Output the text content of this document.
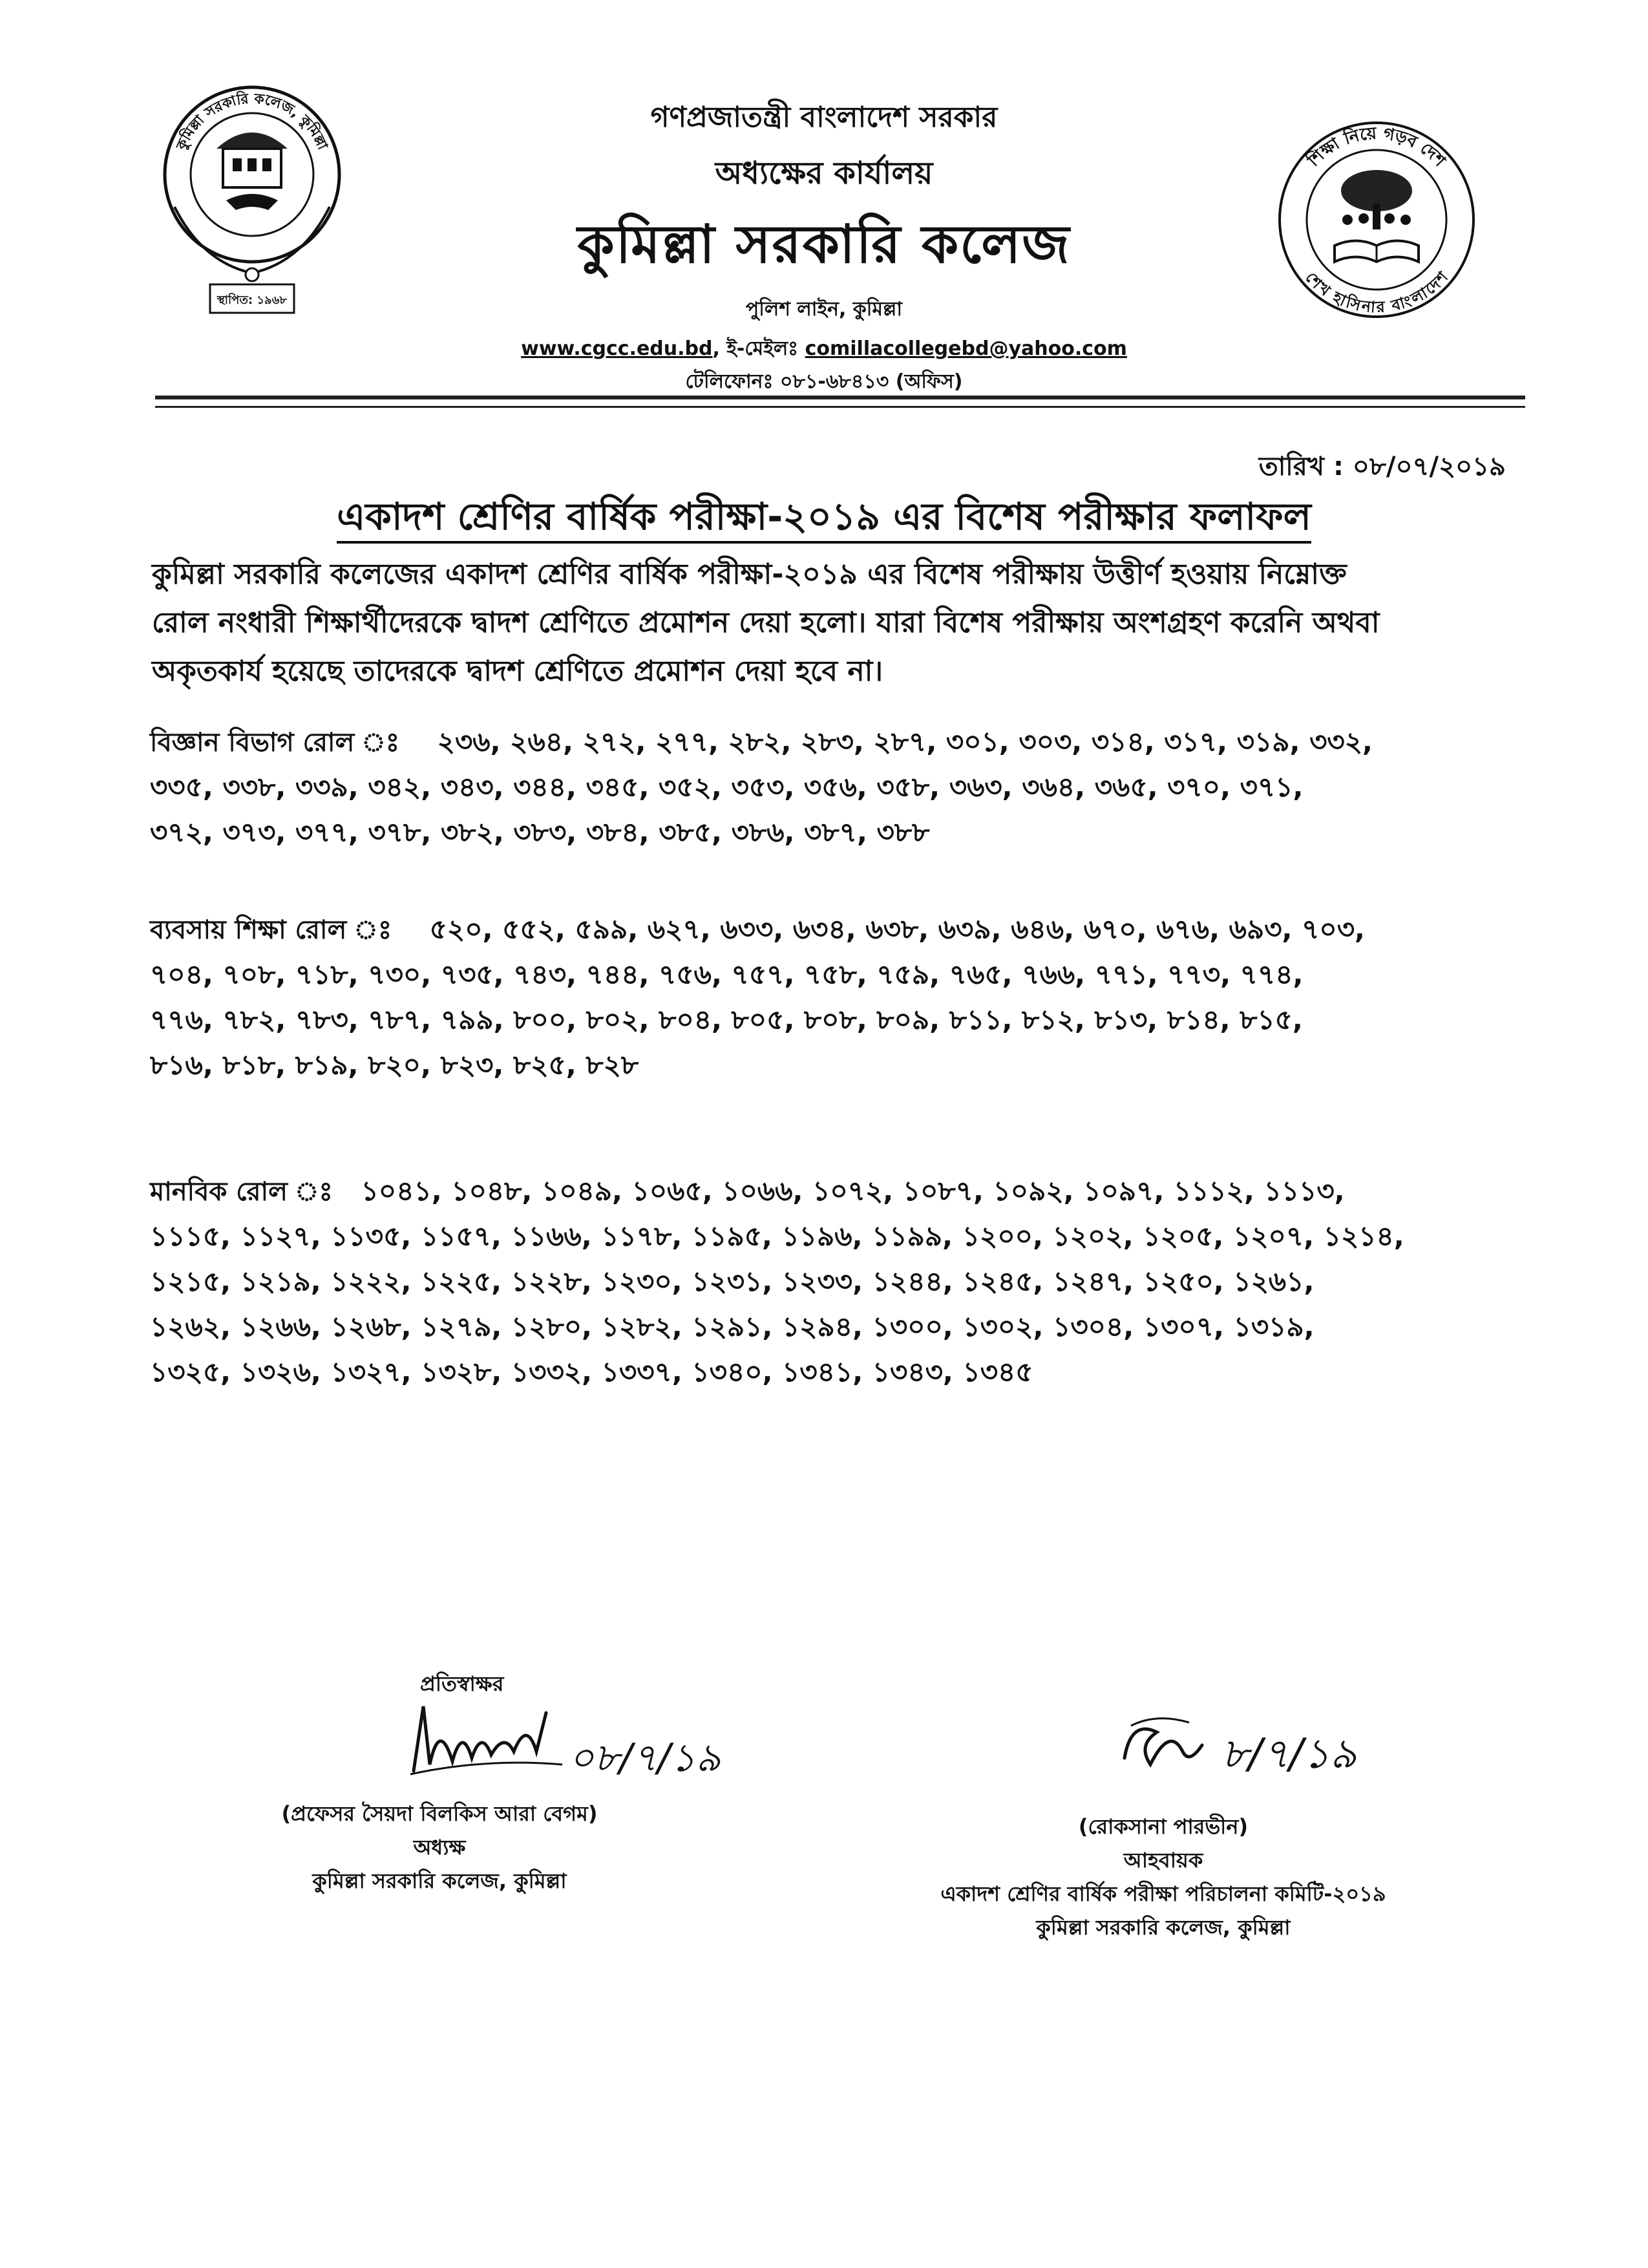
কুমিল্লা সরকারি কলেজ, কুমিল্লা
স্থাপিত: ১৯৬৮
শিক্ষা নিয়ে গড়ব দেশ
শেখ হাসিনার বাংলাদেশ
গণপ্রজাতন্ত্রী বাংলাদেশ সরকার
অধ্যক্ষের কার্যালয়
কুমিল্লা সরকারি কলেজ
পুলিশ লাইন, কুমিল্লা
www.cgcc.edu.bd, ই-মেইলঃ comillacollegebd@yahoo.com
টেলিফোনঃ ০৮১-৬৮৪১৩ (অফিস)
তারিখ : ০৮/০৭/২০১৯
একাদশ শ্রেণির বার্ষিক পরীক্ষা-২০১৯ এর বিশেষ পরীক্ষার ফলাফল
কুমিল্লা সরকারি কলেজের একাদশ শ্রেণির বার্ষিক পরীক্ষা-২০১৯ এর বিশেষ পরীক্ষায় উত্তীর্ণ হওয়ায় নিম্নোক্ত
রোল নংধারী শিক্ষার্থীদেরকে দ্বাদশ শ্রেণিতে প্রমোশন দেয়া হলো। যারা বিশেষ পরীক্ষায় অংশগ্রহণ করেনি অথবা
অকৃতকার্য হয়েছে তাদেরকে দ্বাদশ শ্রেণিতে প্রমোশন দেয়া হবে না।
বিজ্ঞান বিভাগ রোল ঃ ২৩৬, ২৬৪, ২৭২, ২৭৭, ২৮২, ২৮৩, ২৮৭, ৩০১, ৩০৩, ৩১৪, ৩১৭, ৩১৯, ৩৩২,
৩৩৫, ৩৩৮, ৩৩৯, ৩৪২, ৩৪৩, ৩৪৪, ৩৪৫, ৩৫২, ৩৫৩, ৩৫৬, ৩৫৮, ৩৬৩, ৩৬৪, ৩৬৫, ৩৭০, ৩৭১,
৩৭২, ৩৭৩, ৩৭৭, ৩৭৮, ৩৮২, ৩৮৩, ৩৮৪, ৩৮৫, ৩৮৬, ৩৮৭, ৩৮৮
ব্যবসায় শিক্ষা রোল ঃ ৫২০, ৫৫২, ৫৯৯, ৬২৭, ৬৩৩, ৬৩৪, ৬৩৮, ৬৩৯, ৬৪৬, ৬৭০, ৬৭৬, ৬৯৩, ৭০৩,
৭০৪, ৭০৮, ৭১৮, ৭৩০, ৭৩৫, ৭৪৩, ৭৪৪, ৭৫৬, ৭৫৭, ৭৫৮, ৭৫৯, ৭৬৫, ৭৬৬, ৭৭১, ৭৭৩, ৭৭৪,
৭৭৬, ৭৮২, ৭৮৩, ৭৮৭, ৭৯৯, ৮০০, ৮০২, ৮০৪, ৮০৫, ৮০৮, ৮০৯, ৮১১, ৮১২, ৮১৩, ৮১৪, ৮১৫,
৮১৬, ৮১৮, ৮১৯, ৮২০, ৮২৩, ৮২৫, ৮২৮
মানবিক রোল ঃ ১০৪১, ১০৪৮, ১০৪৯, ১০৬৫, ১০৬৬, ১০৭২, ১০৮৭, ১০৯২, ১০৯৭, ১১১২, ১১১৩,
১১১৫, ১১২৭, ১১৩৫, ১১৫৭, ১১৬৬, ১১৭৮, ১১৯৫, ১১৯৬, ১১৯৯, ১২০০, ১২০২, ১২০৫, ১২০৭, ১২১৪,
১২১৫, ১২১৯, ১২২২, ১২২৫, ১২২৮, ১২৩০, ১২৩১, ১২৩৩, ১২৪৪, ১২৪৫, ১২৪৭, ১২৫০, ১২৬১,
১২৬২, ১২৬৬, ১২৬৮, ১২৭৯, ১২৮০, ১২৮২, ১২৯১, ১২৯৪, ১৩০০, ১৩০২, ১৩০৪, ১৩০৭, ১৩১৯,
১৩২৫, ১৩২৬, ১৩২৭, ১৩২৮, ১৩৩২, ১৩৩৭, ১৩৪০, ১৩৪১, ১৩৪৩, ১৩৪৫
প্রতিস্বাক্ষর
০৮/৭/১৯	৮/৭/১৯

(প্রফেসর সৈয়দা বিলকিস আরা বেগম)

অধ্যক্ষ

কুমিল্লা সরকারি কলেজ, কুমিল্লা

(রোকসানা পারভীন)

আহবায়ক

একাদশ শ্রেণির বার্ষিক পরীক্ষা পরিচালনা কমিটি-২০১৯

কুমিল্লা সরকারি কলেজ, কুমিল্লা
